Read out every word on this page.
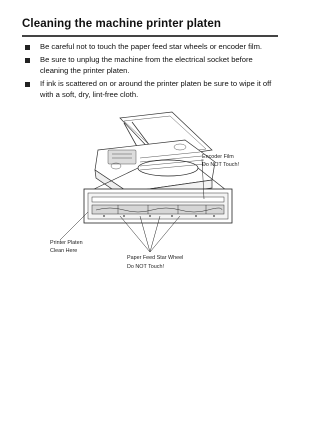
Cleaning the machine printer platen
Be careful not to touch the paper feed star wheels or encoder film.
Be sure to unplug the machine from the electrical socket before cleaning the printer platen.
If ink is scattered on or around the printer platen be sure to wipe it off with a soft, dry, lint-free cloth.
Encoder Film
Do NOT Touch!
Printer Platen
Clean Here
Paper Feed Star Wheel
Do NOT Touch!
